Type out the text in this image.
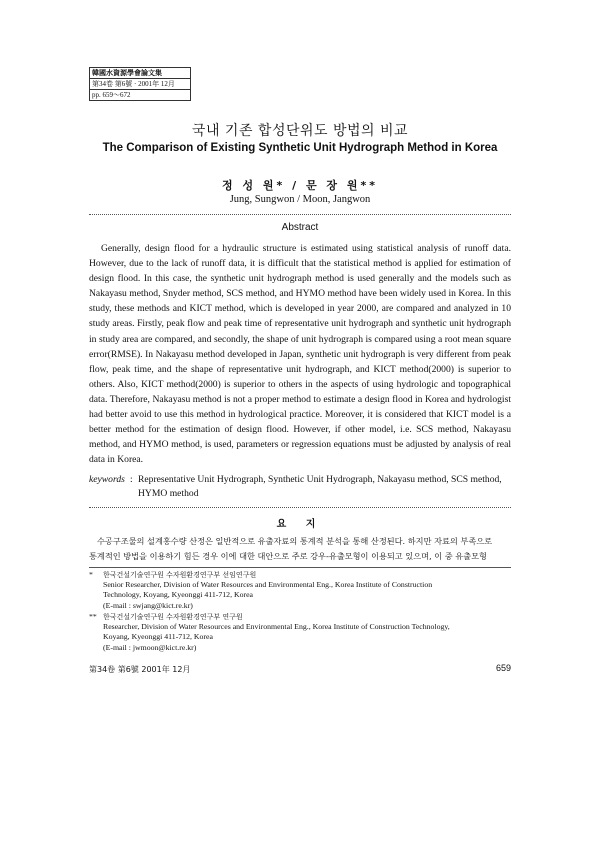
韓國水資源學會論文集
第34卷 第6號 · 2001年 12月
pp. 659～672
국내 기존 합성단위도 방법의 비교
The Comparison of Existing Synthetic Unit Hydrograph Method in Korea
정 성 원* / 문 장 원**
Jung, Sungwon / Moon, Jangwon
Abstract

Generally, design flood for a hydraulic structure is estimated using statistical analysis of runoff data. However, due to the lack of runoff data, it is difficult that the statistical method is applied for estimation of design flood. In this case, the synthetic unit hydrograph method is used generally and the models such as Nakayasu method, Snyder method, SCS method, and HYMO method have been widely used in Korea. In this study, these methods and KICT method, which is developed in year 2000, are compared and analyzed in 10 study areas. Firstly, peak flow and peak time of representative unit hydrograph and synthetic unit hydrograph in study area are compared, and secondly, the shape of unit hydrograph is compared using a root mean square error(RMSE). In Nakayasu method developed in Japan, synthetic unit hydrograph is very different from peak flow, peak time, and the shape of representative unit hydrograph, and KICT method(2000) is superior to others. Also, KICT method(2000) is superior to others in the aspects of using hydrologic and topographical data. Therefore, Nakayasu method is not a proper method to estimate a design flood in Korea and hydrologist had better avoid to use this method in hydrological practice. Moreover, it is considered that KICT model is a better method for the estimation of design flood. However, if other model, i.e. SCS method, Nakayasu method, and HYMO method, is used, parameters or regression equations must be adjusted by analysis of real data in Korea.

keywords : Representative Unit Hydrograph, Synthetic Unit Hydrograph, Nakayasu method, SCS method, HYMO method
요 지
수공구조물의 설계홍수량 산정은 일반적으로 유출자료의 통계적 분석을 통해 산정된다. 하지만 자료의 부족으로
통계적인 방법을 이용하기 힘든 경우 이에 대한 대안으로 주로 강우-유출모형이 이용되고 있으며, 이 중 유출모형
* 한국건설기술연구원 수자원환경연구부 선임연구원
Senior Researcher, Division of Water Resources and Environmental Eng., Korea Institute of Construction
Technology, Koyang, Kyeonggi 411-712, Korea
(E-mail : swjang@kict.re.kr)
** 한국건설기술연구원 수자원환경연구부 연구원
Researcher, Division of Water Resources and Environmental Eng., Korea Institute of Construction Technology,
Koyang, Kyeonggi 411-712, Korea
(E-mail : jwmoon@kict.re.kr)
第34卷 第6號 2001年 12月	659
